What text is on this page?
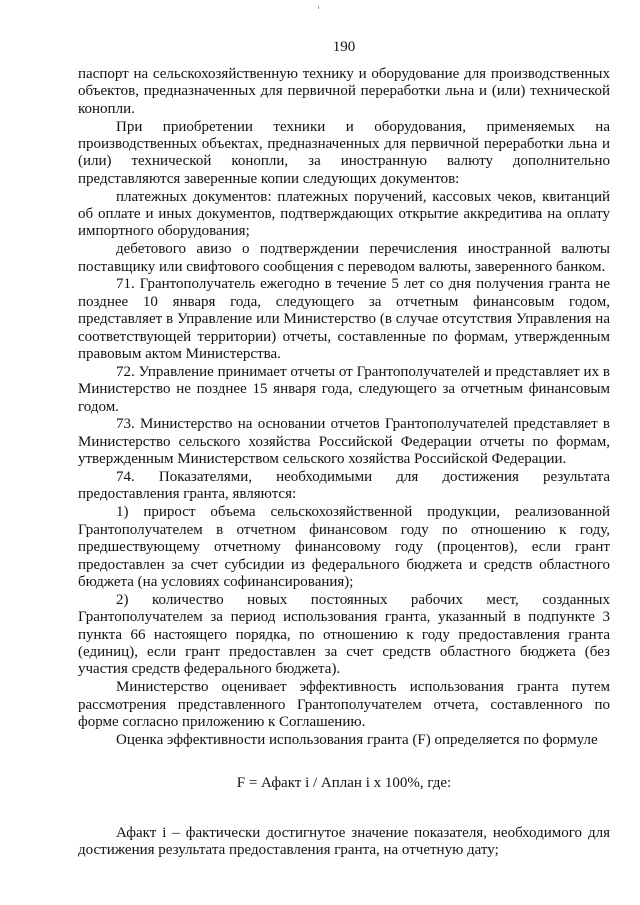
190

паспорт на сельскохозяйственную технику и оборудование для производственных объектов, предназначенных для первичной переработки льна и (или) технической конопли.

При приобретении техники и оборудования, применяемых на производственных объектах, предназначенных для первичной переработки льна и (или) технической конопли, за иностранную валюту дополнительно представляются заверенные копии следующих документов:

платежных документов: платежных поручений, кассовых чеков, квитанций об оплате и иных документов, подтверждающих открытие аккредитива на оплату импортного оборудования;

дебетового авизо о подтверждении перечисления иностранной валюты поставщику или свифтового сообщения с переводом валюты, заверенного банком.

71. Грантополучатель ежегодно в течение 5 лет со дня получения гранта не позднее 10 января года, следующего за отчетным финансовым годом, представляет в Управление или Министерство (в случае отсутствия Управления на соответствующей территории) отчеты, составленные по формам, утвержденным правовым актом Министерства.

72. Управление принимает отчеты от Грантополучателей и представляет их в Министерство не позднее 15 января года, следующего за отчетным финансовым годом.

73. Министерство на основании отчетов Грантополучателей представляет в Министерство сельского хозяйства Российской Федерации отчеты по формам, утвержденным Министерством сельского хозяйства Российской Федерации.

74. Показателями, необходимыми для достижения результата предоставления гранта, являются:

1) прирост объема сельскохозяйственной продукции, реализованной Грантополучателем в отчетном финансовом году по отношению к году, предшествующему отчетному финансовому году (процентов), если грант предоставлен за счет субсидии из федерального бюджета и средств областного бюджета (на условиях софинансирования);

2) количество новых постоянных рабочих мест, созданных Грантополучателем за период использования гранта, указанный в подпункте 3 пункта 66 настоящего порядка, по отношению к году предоставления гранта (единиц), если грант предоставлен за счет средств областного бюджета (без участия средств федерального бюджета).

Министерство оценивает эффективность использования гранта путем рассмотрения представленного Грантополучателем отчета, составленного по форме согласно приложению к Соглашению.

Оценка эффективности использования гранта (F) определяется по формуле

F = Афакт i / Аплан i x 100%, где:

Афакт i – фактически достигнутое значение показателя, необходимого для достижения результата предоставления гранта, на отчетную дату;
